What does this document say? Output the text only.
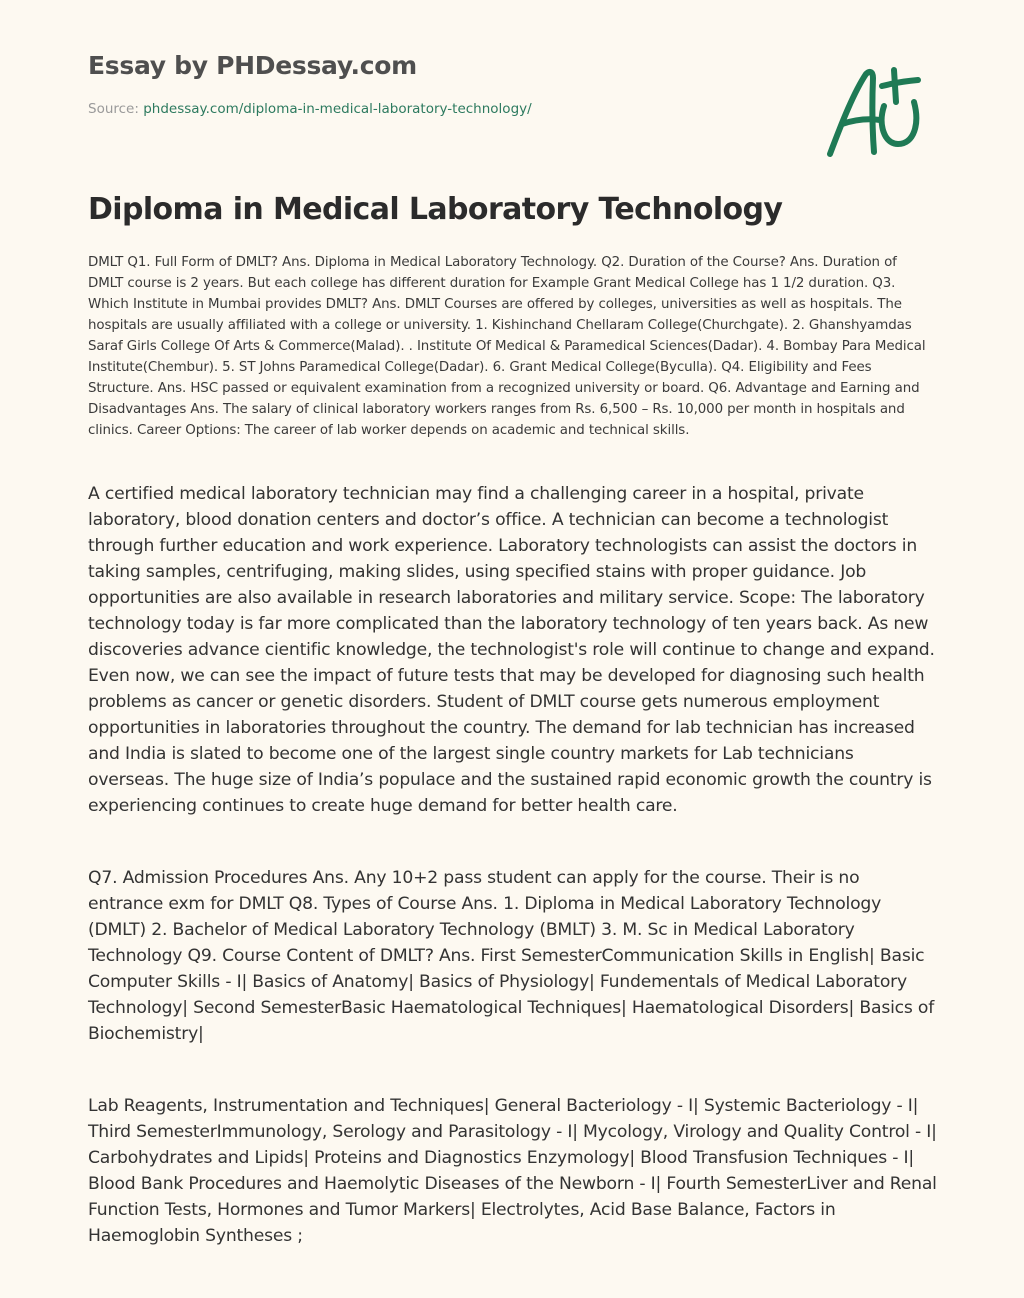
Essay by PHDessay.com
Source: phdessay.com/diploma-in-medical-laboratory-technology/
Diploma in Medical Laboratory Technology

DMLT Q1. Full Form of DMLT? Ans. Diploma in Medical Laboratory Technology. Q2. Duration of the Course? Ans. Duration of DMLT course is 2 years. But each college has different duration for Example Grant Medical College has 1 1/2 duration. Q3. Which Institute in Mumbai provides DMLT? Ans. DMLT Courses are offered by colleges, universities as well as hospitals. The hospitals are usually affiliated with a college or university. 1. Kishinchand Chellaram College(Churchgate). 2. Ghanshyamdas Saraf Girls College Of Arts & Commerce(Malad). . Institute Of Medical & Paramedical Sciences(Dadar). 4. Bombay Para Medical Institute(Chembur). 5. ST Johns Paramedical College(Dadar). 6. Grant Medical College(Byculla). Q4. Eligibility and Fees Structure. Ans. HSC passed or equivalent examination from a recognized university or board. Q6. Advantage and Earning and Disadvantages Ans. The salary of clinical laboratory workers ranges from Rs. 6,500 – Rs. 10,000 per month in hospitals and clinics. Career Options: The career of lab worker depends on academic and technical skills.

A certified medical laboratory technician may find a challenging career in a hospital, private laboratory, blood donation centers and doctor’s office. A technician can become a technologist through further education and work experience. Laboratory technologists can assist the doctors in taking samples, centrifuging, making slides, using specified stains with proper guidance. Job opportunities are also available in research laboratories and military service. Scope: The laboratory technology today is far more complicated than the laboratory technology of ten years back. As new discoveries advance cientific knowledge, the technologist's role will continue to change and expand. Even now, we can see the impact of future tests that may be developed for diagnosing such health problems as cancer or genetic disorders. Student of DMLT course gets numerous employment opportunities in laboratories throughout the country. The demand for lab technician has increased and India is slated to become one of the largest single country markets for Lab technicians overseas. The huge size of India’s populace and the sustained rapid economic growth the country is experiencing continues to create huge demand for better health care.

Q7. Admission Procedures Ans. Any 10+2 pass student can apply for the course. Their is no entrance exm for DMLT Q8. Types of Course Ans. 1. Diploma in Medical Laboratory Technology (DMLT) 2. Bachelor of Medical Laboratory Technology (BMLT) 3. M. Sc in Medical Laboratory Technology Q9. Course Content of DMLT? Ans. First SemesterCommunication Skills in English| Basic Computer Skills - I| Basics of Anatomy| Basics of Physiology| Fundementals of Medical Laboratory Technology| Second SemesterBasic Haematological Techniques| Haematological Disorders| Basics of Biochemistry|

Lab Reagents, Instrumentation and Techniques| General Bacteriology - I| Systemic Bacteriology - I| Third SemesterImmunology, Serology and Parasitology - I| Mycology, Virology and Quality Control - I| Carbohydrates and Lipids| Proteins and Diagnostics Enzymology| Blood Transfusion Techniques - I| Blood Bank Procedures and Haemolytic Diseases of the Newborn - I| Fourth SemesterLiver and Renal Function Tests, Hormones and Tumor Markers| Electrolytes, Acid Base Balance, Factors in Haemoglobin Syntheses ;
